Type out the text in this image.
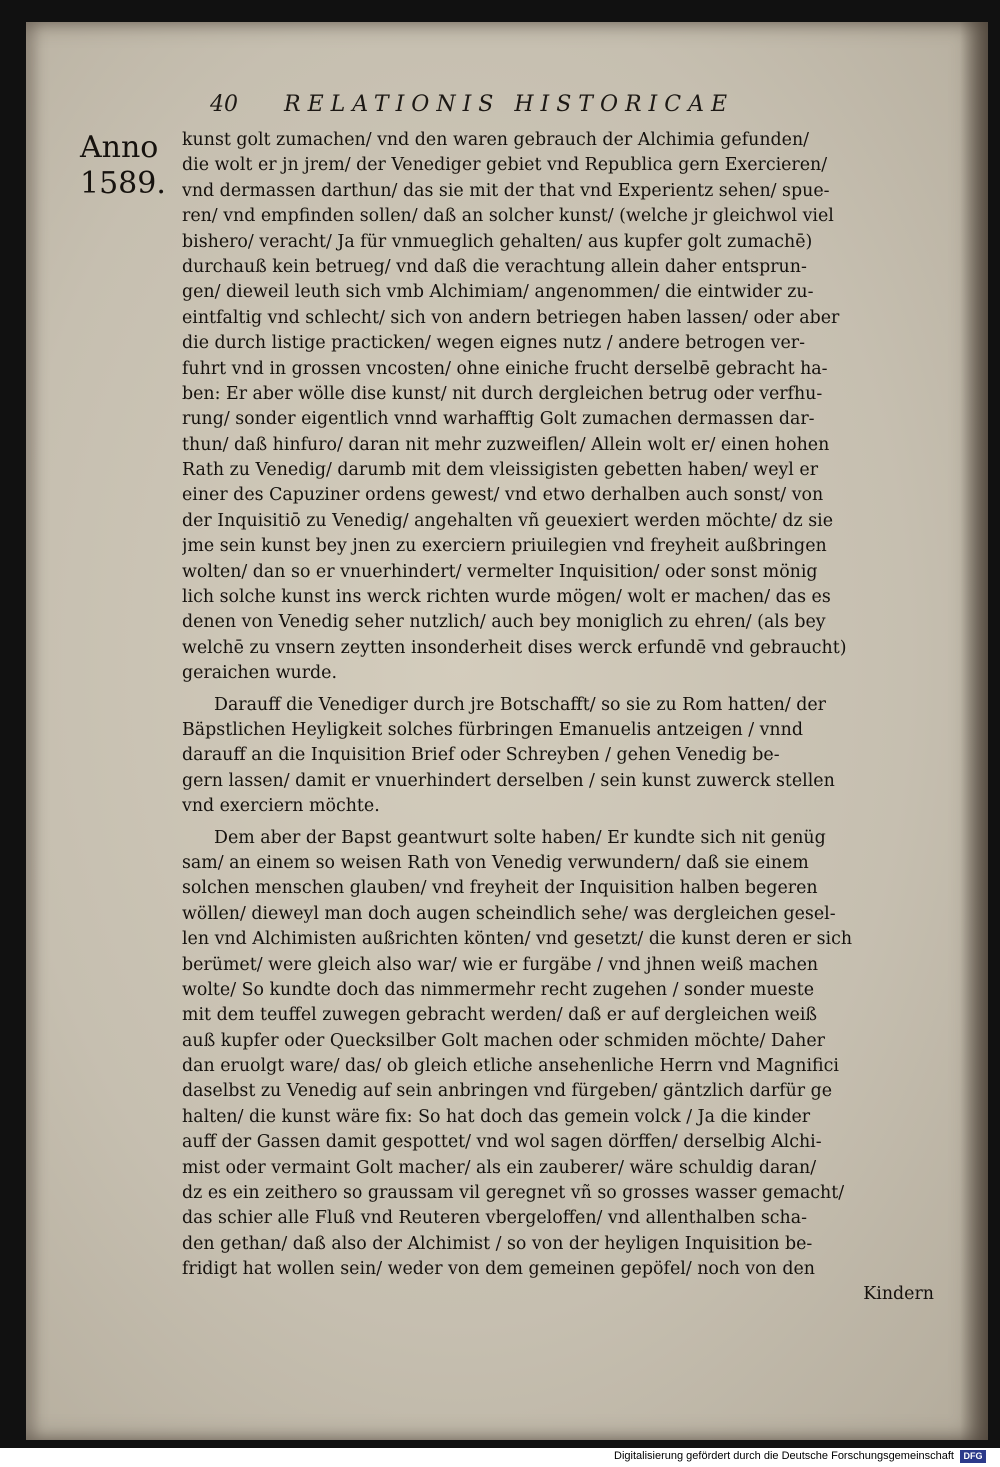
40 RELATIONIS HISTORICAE
Anno
1589.
kunst golt zumachen/ vnd den waren gebrauch der Alchimia gefunden/
die wolt er jn jrem/ der Venediger gebiet vnd Republica gern Exercieren/
vnd dermassen darthun/ das sie mit der that vnd Experientz sehen/ spue-
ren/ vnd empfinden sollen/ daß an solcher kunst/ (welche jr gleichwol viel
bishero/ veracht/ Ja für vnmueglich gehalten/ aus kupfer golt zumachē)
durchauß kein betrueg/ vnd daß die verachtung allein daher entsprun-
gen/ dieweil leuth sich vmb Alchimiam/ angenommen/ die eintwider zu-
eintfaltig vnd schlecht/ sich von andern betriegen haben lassen/ oder aber
die durch listige practicken/ wegen eignes nutz / andere betrogen ver-
fuhrt vnd in grossen vncosten/ ohne einiche frucht derselbē gebracht ha-
ben: Er aber wölle dise kunst/ nit durch dergleichen betrug oder verfhu-
rung/ sonder eigentlich vnnd warhafftig Golt zumachen dermassen dar-
thun/ daß hinfuro/ daran nit mehr zuzweiflen/ Allein wolt er/ einen hohen
Rath zu Venedig/ darumb mit dem vleissigisten gebetten haben/ weyl er
einer des Capuziner ordens gewest/ vnd etwo derhalben auch sonst/ von
der Inquisitiō zu Venedig/ angehalten vñ geuexiert werden möchte/ dz sie
jme sein kunst bey jnen zu exerciern priuilegien vnd freyheit außbringen
wolten/ dan so er vnuerhindert/ vermelter Inquisition/ oder sonst mönig
lich solche kunst ins werck richten wurde mögen/ wolt er machen/ das es
denen von Venedig seher nutzlich/ auch bey moniglich zu ehren/ (als bey
welchē zu vnsern zeytten insonderheit dises werck erfundē vnd gebraucht)
geraichen wurde.
Darauff die Venediger durch jre Botschafft/ so sie zu Rom hatten/ der
Bäpstlichen Heyligkeit solches fürbringen Emanuelis antzeigen / vnnd
darauff an die Inquisition Brief oder Schreyben / gehen Venedig be-
gern lassen/ damit er vnuerhindert derselben / sein kunst zuwerck stellen
vnd exerciern möchte.
Dem aber der Bapst geantwurt solte haben/ Er kundte sich nit genüg
sam/ an einem so weisen Rath von Venedig verwundern/ daß sie einem
solchen menschen glauben/ vnd freyheit der Inquisition halben begeren
wöllen/ dieweyl man doch augen scheindlich sehe/ was dergleichen gesel-
len vnd Alchimisten außrichten könten/ vnd gesetzt/ die kunst deren er sich
berümet/ were gleich also war/ wie er furgäbe / vnd jhnen weiß machen
wolte/ So kundte doch das nimmermehr recht zugehen / sonder mueste
mit dem teuffel zuwegen gebracht werden/ daß er auf dergleichen weiß
auß kupfer oder Quecksilber Golt machen oder schmiden möchte/ Daher
dan eruolgt ware/ das/ ob gleich etliche ansehenliche Herrn vnd Magnifici
daselbst zu Venedig auf sein anbringen vnd fürgeben/ gäntzlich darfür ge
halten/ die kunst wäre fix: So hat doch das gemein volck / Ja die kinder
auff der Gassen damit gespottet/ vnd wol sagen dörffen/ derselbig Alchi-
mist oder vermaint Golt macher/ als ein zauberer/ wäre schuldig daran/
dz es ein zeithero so graussam vil geregnet vñ so grosses wasser gemacht/
das schier alle Fluß vnd Reuteren vbergeloffen/ vnd allenthalben scha-
den gethan/ daß also der Alchimist / so von der heyligen Inquisition be-
fridigt hat wollen sein/ weder von dem gemeinen gepöfel/ noch von den
Kindern
Digitalisierung gefördert durch die Deutsche Forschungsgemeinschaft	DFG
